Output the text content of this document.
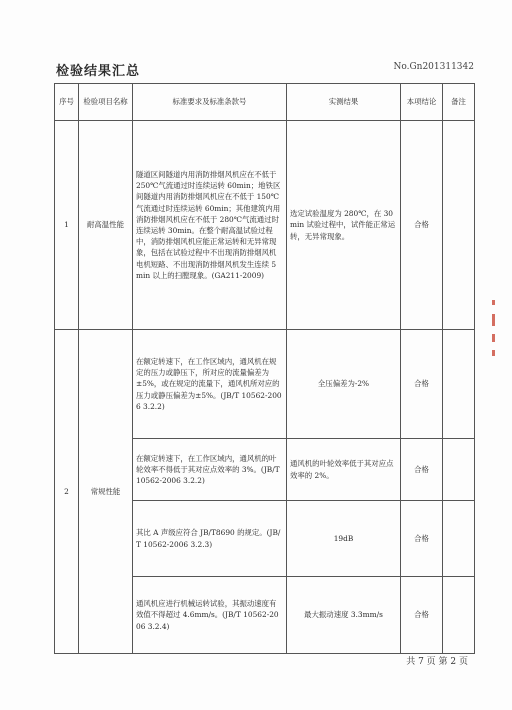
检验结果汇总	No.Gn201311342
序号	检验项目名称	标准要求及标准条款号	实测结果	本项结论	备注
1	耐高温性能	隧道区间隧道内用消防排烟风机应在不低于 250℃气流通过时连续运转 60min；地铁区间隧道内用消防排烟风机应在不低于 150℃气流通过时连续运转 60min；其他建筑内用消防排烟风机应在不低于 280℃气流通过时连续运转 30min。在整个耐高温试验过程中，消防排烟风机应能正常运转和无异常现象，包括在试验过程中不出现消防排烟风机电机短路、不出现消防排烟风机发生连续 5min 以上的扫膛现象。(GA211-2009)	选定试验温度为 280℃，在 30min 试验过程中，试件能正常运转，无异常现象。	合格	
2	常规性能	在额定转速下，在工作区域内，通风机在规定的压力或静压下，所对应的流量偏差为±5%，或在规定的流量下，通风机所对应的压力或静压偏差为±5%。(JB/T 10562-2006 3.2.2)	全压偏差为-2%	合格	
		在额定转速下，在工作区域内，通风机的叶轮效率不得低于其对应点效率的 3%。(JB/T 10562-2006 3.2.2)	通风机的叶轮效率低于其对应点效率的 2%。	合格	
		其比 A 声级应符合 JB/T8690 的规定。(JB/T 10562-2006 3.2.3)	19dB	合格	
		通风机应进行机械运转试验，其振动速度有效值不得超过 4.6mm/s。(JB/T 10562-2006 3.2.4)	最大振动速度 3.3mm/s	合格	
共 7 页 第 2 页
